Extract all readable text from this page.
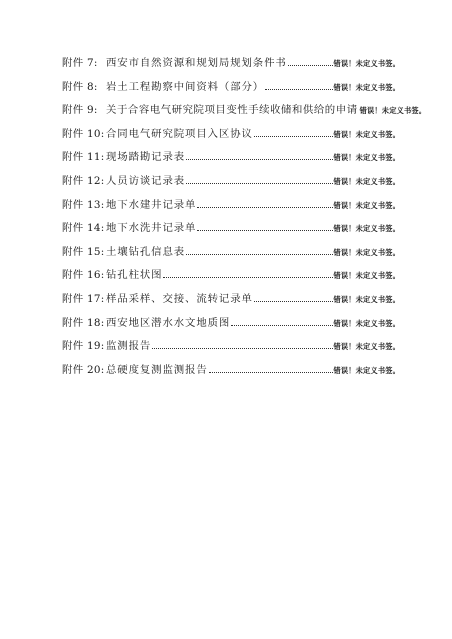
附件 7: 西安市自然资源和规划局规划条件书	错误！未定义书签。
附件 8: 岩土工程勘察中间资料（部分）	错误！未定义书签。
附件 9: 关于合容电气研究院项目变性手续收储和供给的申请 错误！未定义书签。
附件 10: 合同电气研究院项目入区协议	错误！未定义书签。
附件 11: 现场踏勘记录表	错误！未定义书签。
附件 12: 人员访谈记录表	错误！未定义书签。
附件 13: 地下水建井记录单	错误！未定义书签。
附件 14: 地下水洗井记录单	错误！未定义书签。
附件 15: 土壤钻孔信息表	错误！未定义书签。
附件 16: 钻孔柱状图	错误！未定义书签。
附件 17: 样品采样、交接、流转记录单	错误！未定义书签。
附件 18: 西安地区潜水水文地质图	错误！未定义书签。
附件 19: 监测报告	错误！未定义书签。
附件 20: 总硬度复测监测报告	错误！未定义书签。
